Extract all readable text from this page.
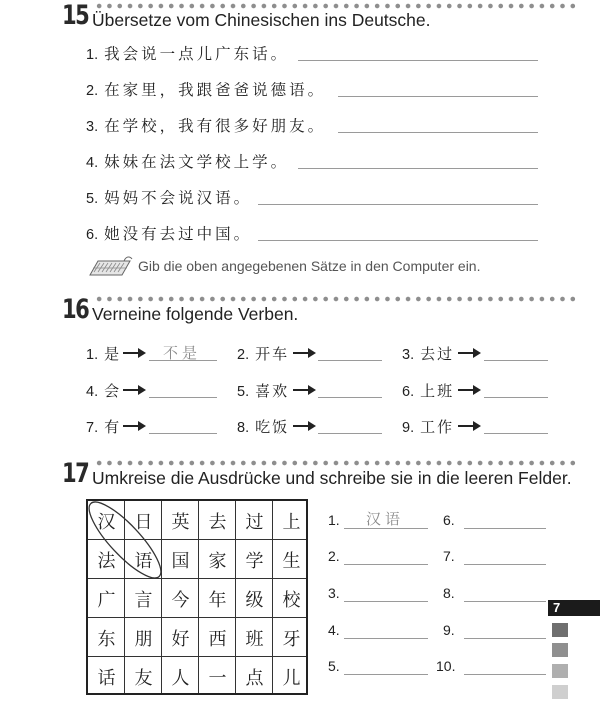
15 Übersetze vom Chinesischen ins Deutsche.
1. 我会说一点儿广东话。
2. 在家里，我跟爸爸说德语。
3. 在学校，我有很多好朋友。
4. 妹妹在法文学校上学。
5. 妈妈不会说汉语。
6. 她没有去过中国。
Gib die oben angegebenen Sätze in den Computer ein.
16 Verneine folgende Verben.
1. 是	不是 2. 开车	3. 去过
4. 会	5. 喜欢	6. 上班
7. 有	8. 吃饭	9. 工作
17 Umkreise die Ausdrücke und schreibe sie in die leeren Felder.
汉	日	英	去	过	上
法	语	国	家	学	生
广	言	今	年	级	校
东	朋	好	西	班	牙
话	友	人	一	点	儿
1. 汉语
2.
3.
4.
5.
6.
7.
8.
9.
10.
7
